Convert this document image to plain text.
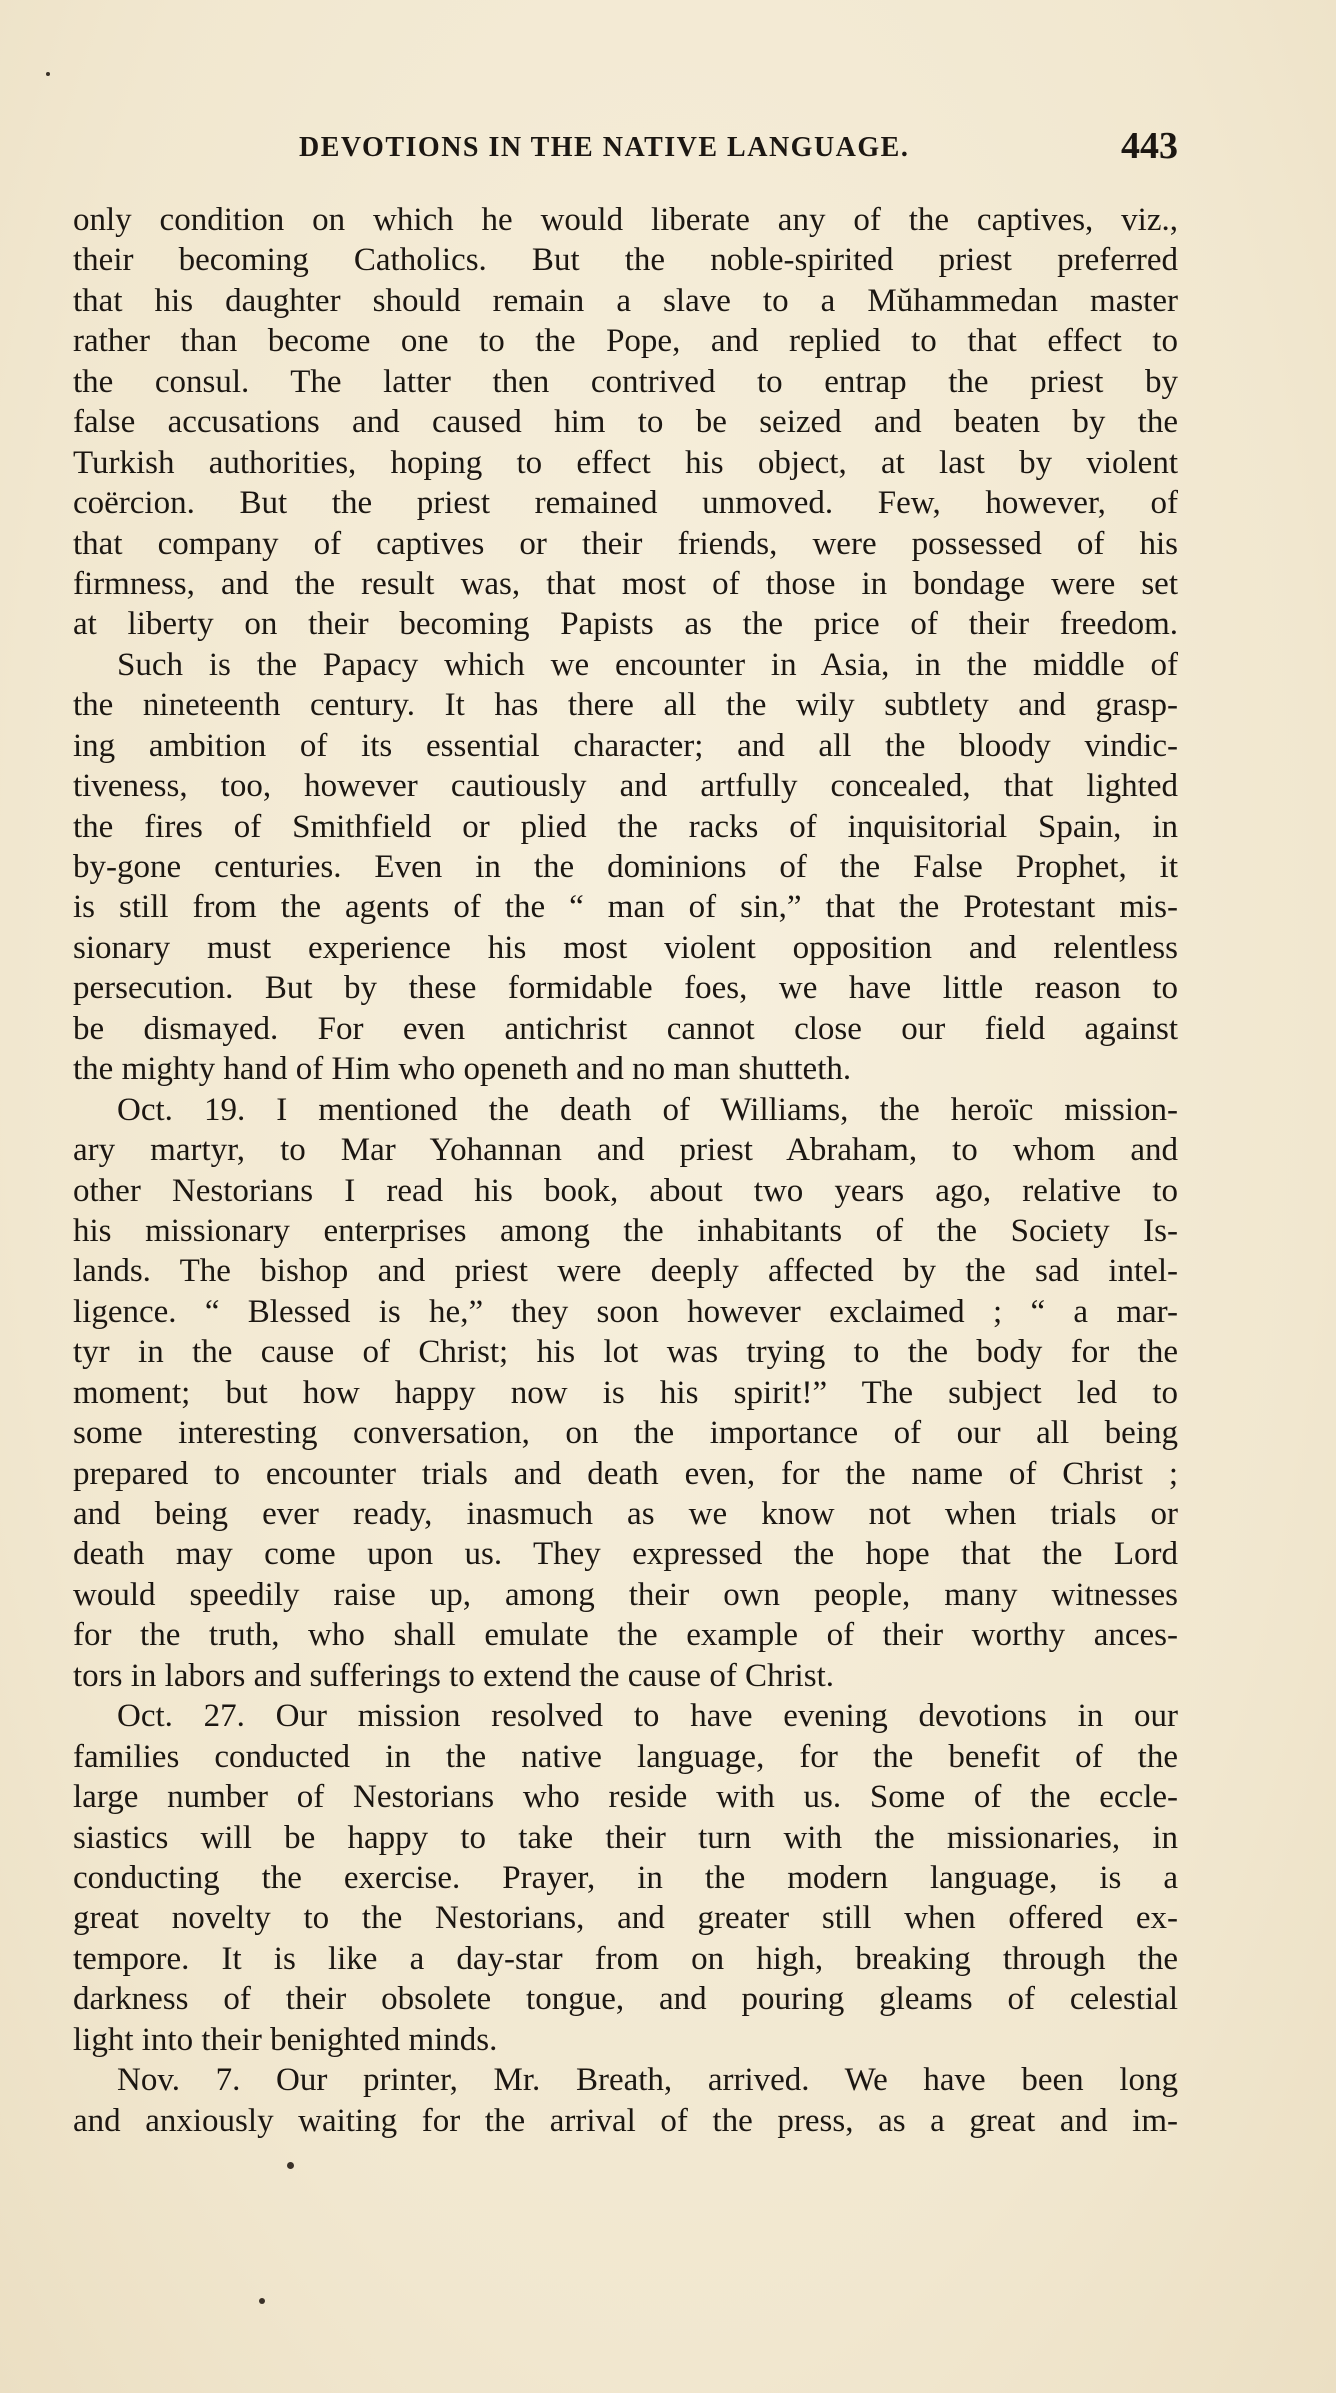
DEVOTIONS IN THE NATIVE LANGUAGE.	443
only condition on which he would liberate any of the captives, viz.,
their becoming Catholics. But the noble-spirited priest preferred
that his daughter should remain a slave to a Mŭhammedan master
rather than become one to the Pope, and replied to that effect to
the consul. The latter then contrived to entrap the priest by
false accusations and caused him to be seized and beaten by the
Turkish authorities, hoping to effect his object, at last by violent
coërcion. But the priest remained unmoved. Few, however, of
that company of captives or their friends, were possessed of his
firmness, and the result was, that most of those in bondage were set
at liberty on their becoming Papists as the price of their freedom.
Such is the Papacy which we encounter in Asia, in the middle of
the nineteenth century. It has there all the wily subtlety and grasp-
ing ambition of its essential character; and all the bloody vindic-
tiveness, too, however cautiously and artfully concealed, that lighted
the fires of Smithfield or plied the racks of inquisitorial Spain, in
by-gone centuries. Even in the dominions of the False Prophet, it
is still from the agents of the “ man of sin,” that the Protestant mis-
sionary must experience his most violent opposition and relentless
persecution. But by these formidable foes, we have little reason to
be dismayed. For even antichrist cannot close our field against
the mighty hand of Him who openeth and no man shutteth.
Oct. 19. I mentioned the death of Williams, the heroïc mission-
ary martyr, to Mar Yohannan and priest Abraham, to whom and
other Nestorians I read his book, about two years ago, relative to
his missionary enterprises among the inhabitants of the Society Is-
lands. The bishop and priest were deeply affected by the sad intel-
ligence. “ Blessed is he,” they soon however exclaimed ; “ a mar-
tyr in the cause of Christ; his lot was trying to the body for the
moment; but how happy now is his spirit!” The subject led to
some interesting conversation, on the importance of our all being
prepared to encounter trials and death even, for the name of Christ ;
and being ever ready, inasmuch as we know not when trials or
death may come upon us. They expressed the hope that the Lord
would speedily raise up, among their own people, many witnesses
for the truth, who shall emulate the example of their worthy ances-
tors in labors and sufferings to extend the cause of Christ.
Oct. 27. Our mission resolved to have evening devotions in our
families conducted in the native language, for the benefit of the
large number of Nestorians who reside with us. Some of the eccle-
siastics will be happy to take their turn with the missionaries, in
conducting the exercise. Prayer, in the modern language, is a
great novelty to the Nestorians, and greater still when offered ex-
tempore. It is like a day-star from on high, breaking through the
darkness of their obsolete tongue, and pouring gleams of celestial
light into their benighted minds.
Nov. 7. Our printer, Mr. Breath, arrived. We have been long
and anxiously waiting for the arrival of the press, as a great and im-
